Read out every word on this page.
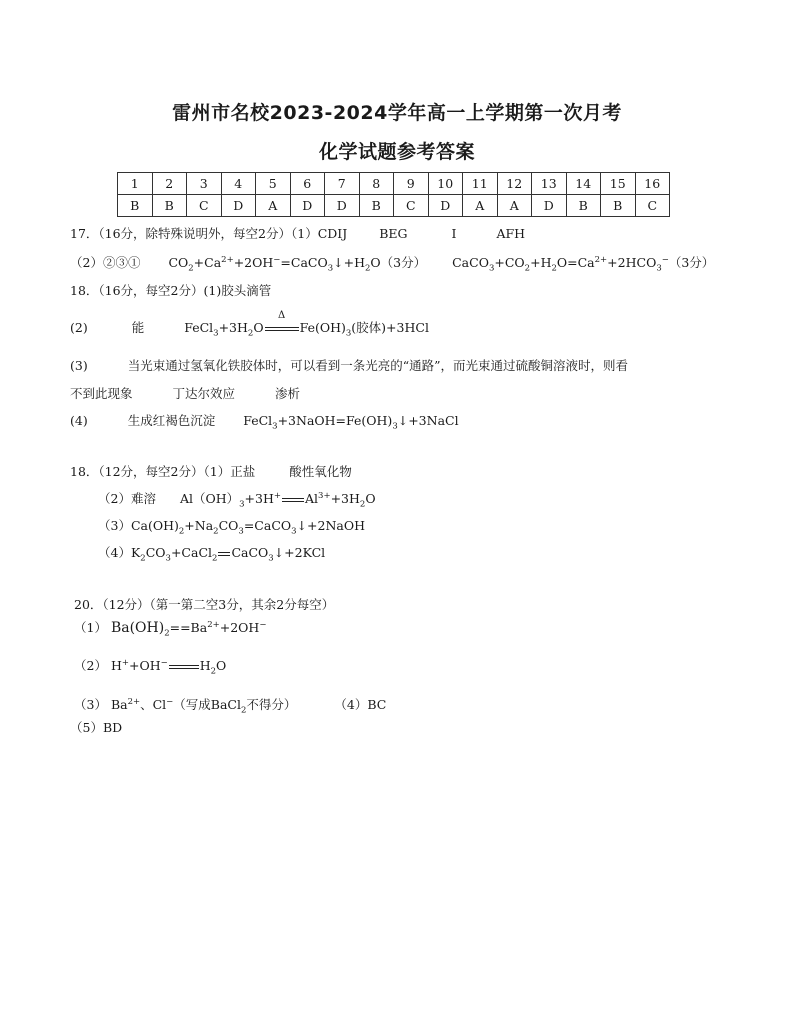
雷州市名校2023-2024学年高一上学期第一次月考
化学试题参考答案
1	2	3	4	5	6	7	8	9	10	11	12	13	14	15	16
B	B	C	D	A	D	D	B	C	D	A	A	D	B	B	C
17．（16分，除特殊说明外，每空2分）（1）CDIJ	BEG	I	AFH
（2）②③① $CO_2+Ca^{2+}+2OH^-=CaCO_3↓+H_2O(3$分） $CaCO_3+CO_2+H_2O=Ca^{2+}+2HCO_3^-(3$分）
18．（16分，每空2分）(1)胶头滴管
(2)	能	$FeCl_3+3H_2O$
Δ
$Fe(OH)_3$(胶体)+3HCl
(3)	当光束通过氢氧化铁胶体时，可以看到一条光亮的“通路”，而光束通过硫酸铜溶液时，则看
不到此现象	丁达尔效应	渗析
(4)	生成红褐色沉淀 $FeCl_3+3NaOH=Fe(OH)_3↓+3NaCl$
18．（12分，每空2分）（1）正盐	酸性氧化物
（2）难溶 $Al(OH)_3+3H^+$ $Al^{3+}+3H_2O$
$(3)Ca(OH)_2+Na_2CO_3=CaCO_3↓+2NaOH$
$(4)K_2CO_3+CaCl_2$ CaCO$_3$↓+2KCl
20．（12分）（第一第二空3分，其余2分每空）
（1） $Ba(OH)_2==Ba^{2+}+2OH^-$
（2） H++OH−	$H_2O$
（3） $Ba^{2+}$、Cl−（写成BaCl$_2$不得分）	（4）BC
（5）BD
